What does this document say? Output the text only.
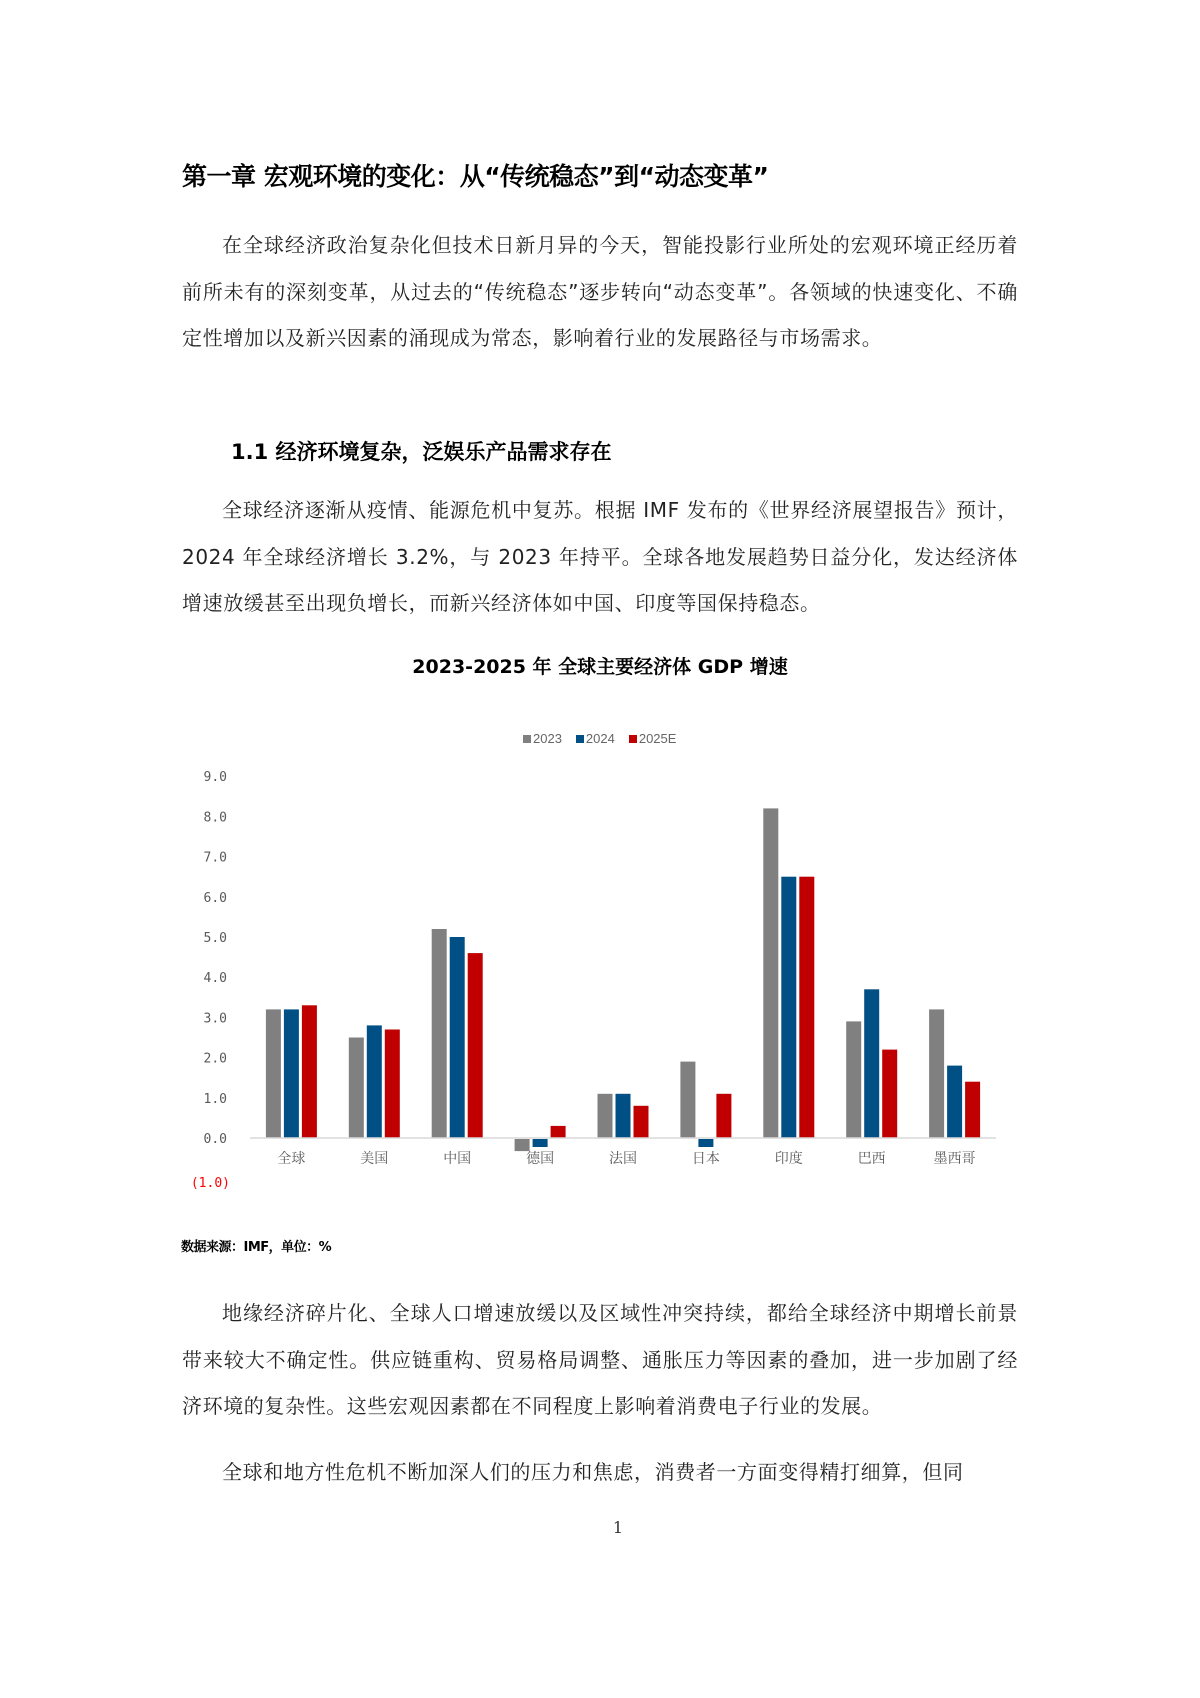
第一章 宏观环境的变化：从“传统稳态”到“动态变革”

在全球经济政治复杂化但技术日新月异的今天，智能投影行业所处的宏观环境正经历着前所未有的深刻变革，从过去的“传统稳态”逐步转向“动态变革”。各领域的快速变化、不确定性增加以及新兴因素的涌现成为常态，影响着行业的发展路径与市场需求。

1.1 经济环境复杂，泛娱乐产品需求存在

全球经济逐渐从疫情、能源危机中复苏。根据 IMF 发布的《世界经济展望报告》预计，2024 年全球经济增长 3.2%，与 2023 年持平。全球各地发展趋势日益分化，发达经济体增速放缓甚至出现负增长，而新兴经济体如中国、印度等国保持稳态。

2023-2025 年 全球主要经济体 GDP 增速
2023 2024 2025E
(1.0)
0.0
1.0
2.0
3.0
4.0
5.0
6.0
7.0
8.0
9.0
全球	美国	中国	德国	法国	日本	印度	巴西	墨西哥
数据来源：IMF，单位：%

地缘经济碎片化、全球人口增速放缓以及区域性冲突持续，都给全球经济中期增长前景带来较大不确定性。供应链重构、贸易格局调整、通胀压力等因素的叠加，进一步加剧了经济环境的复杂性。这些宏观因素都在不同程度上影响着消费电子行业的发展。

全球和地方性危机不断加深人们的压力和焦虑，消费者一方面变得精打细算，但同

1
